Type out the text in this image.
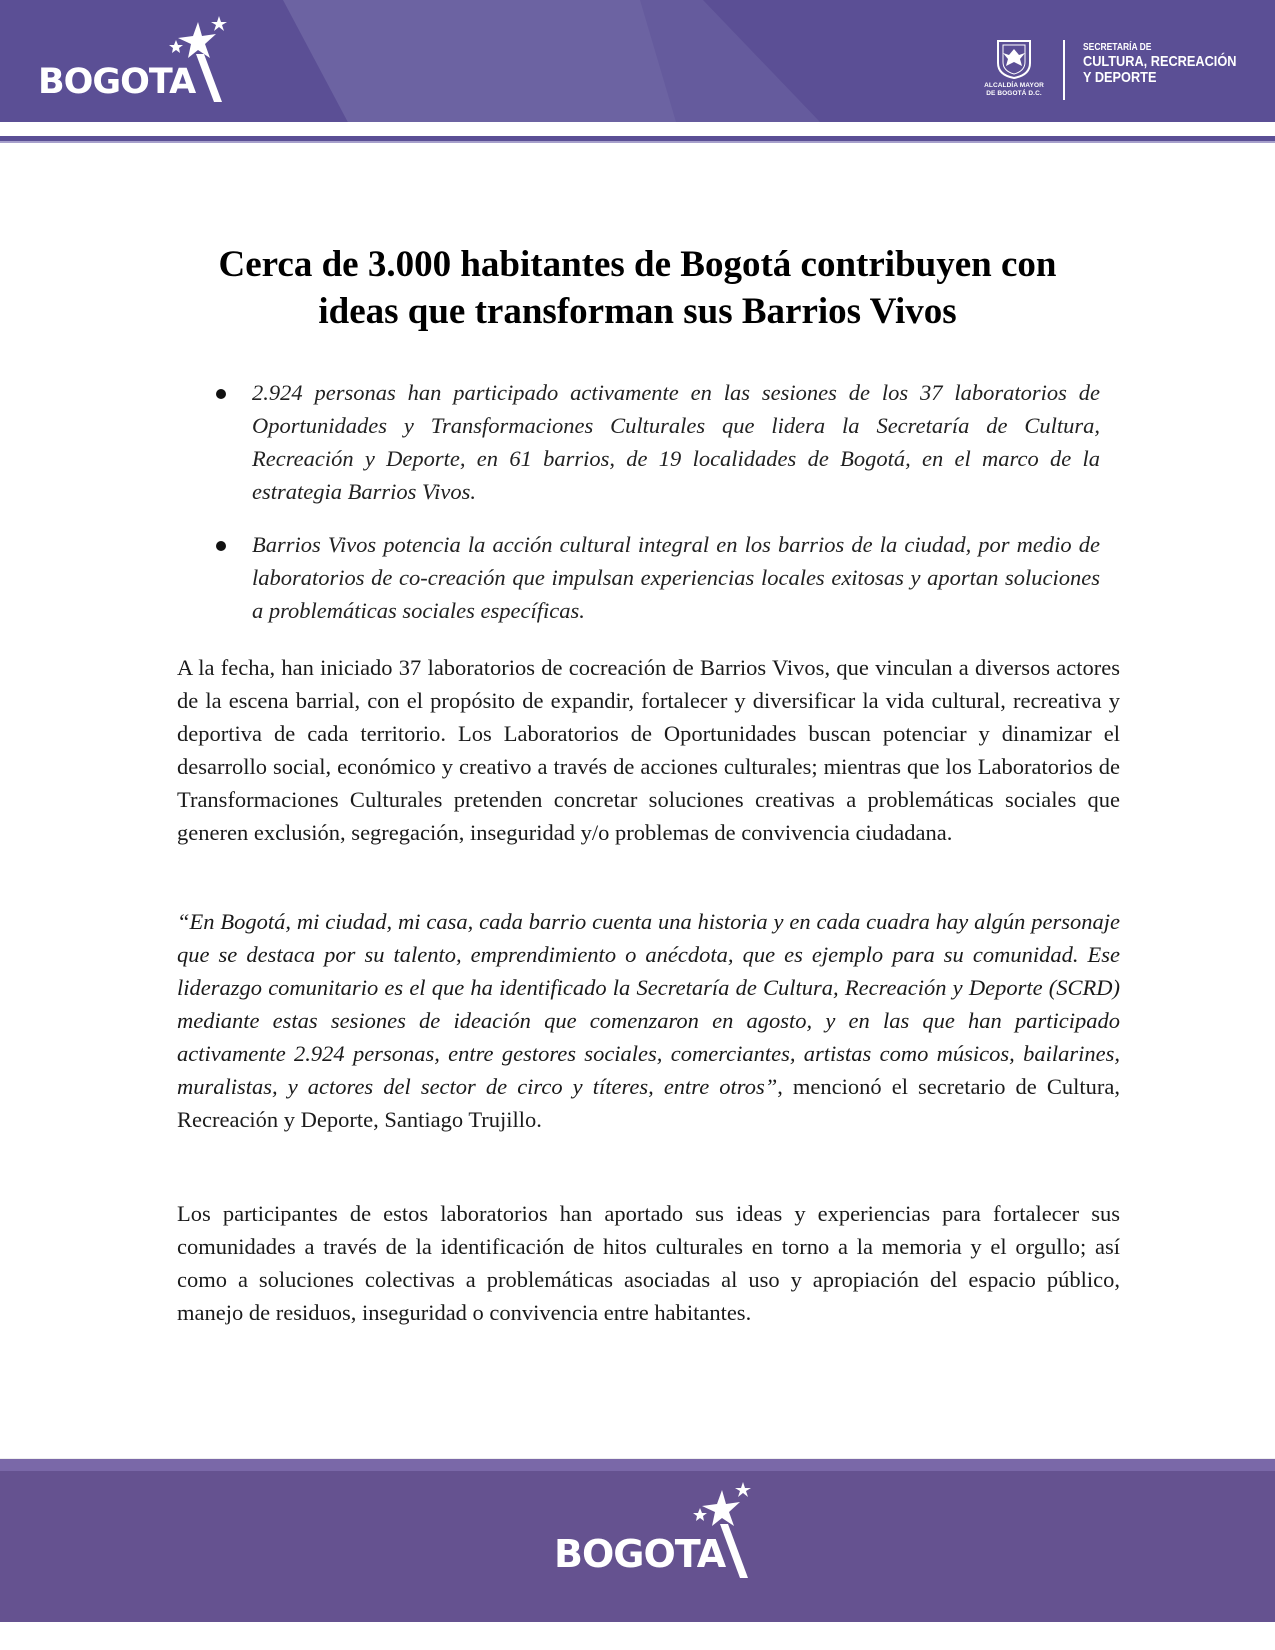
BOGOTA	ALCALDÍA MAYOR
DE BOGOTÁ D.C.
SECRETARÍA DE
CULTURA, RECREACIÓN
Y DEPORTE
Cerca de 3.000 habitantes de Bogotá contribuyen con
ideas que transforman sus Barrios Vivos
2.924 personas han participado activamente en las sesiones de los 37 laboratorios de Oportunidades y Transformaciones Culturales que lidera la Secretaría de Cultura, Recreación y Deporte, en 61 barrios, de 19 localidades de Bogotá, en el marco de la estrategia Barrios Vivos.
Barrios Vivos potencia la acción cultural integral en los barrios de la ciudad, por medio de laboratorios de co-creación que impulsan experiencias locales exitosas y aportan soluciones a problemáticas sociales específicas.

A la fecha, han iniciado 37 laboratorios de cocreación de Barrios Vivos, que vinculan a diversos actores de la escena barrial, con el propósito de expandir, fortalecer y diversificar la vida cultural, recreativa y deportiva de cada territorio. Los Laboratorios de Oportunidades buscan potenciar y dinamizar el desarrollo social, económico y creativo a través de acciones culturales; mientras que los Laboratorios de Transformaciones Culturales pretenden concretar soluciones creativas a problemáticas sociales que generen exclusión, segregación, inseguridad y/o problemas de convivencia ciudadana.

“En Bogotá, mi ciudad, mi casa, cada barrio cuenta una historia y en cada cuadra hay algún personaje que se destaca por su talento, emprendimiento o anécdota, que es ejemplo para su comunidad. Ese liderazgo comunitario es el que ha identificado la Secretaría de Cultura, Recreación y Deporte (SCRD) mediante estas sesiones de ideación que comenzaron en agosto, y en las que han participado activamente 2.924 personas, entre gestores sociales, comerciantes, artistas como músicos, bailarines, muralistas, y actores del sector de circo y títeres, entre otros”, mencionó el secretario de Cultura, Recreación y Deporte, Santiago Trujillo.

Los participantes de estos laboratorios han aportado sus ideas y experiencias para fortalecer sus comunidades a través de la identificación de hitos culturales en torno a la memoria y el orgullo; así como a soluciones colectivas a problemáticas asociadas al uso y apropiación del espacio público, manejo de residuos, inseguridad o convivencia entre habitantes.

BOGOTA
